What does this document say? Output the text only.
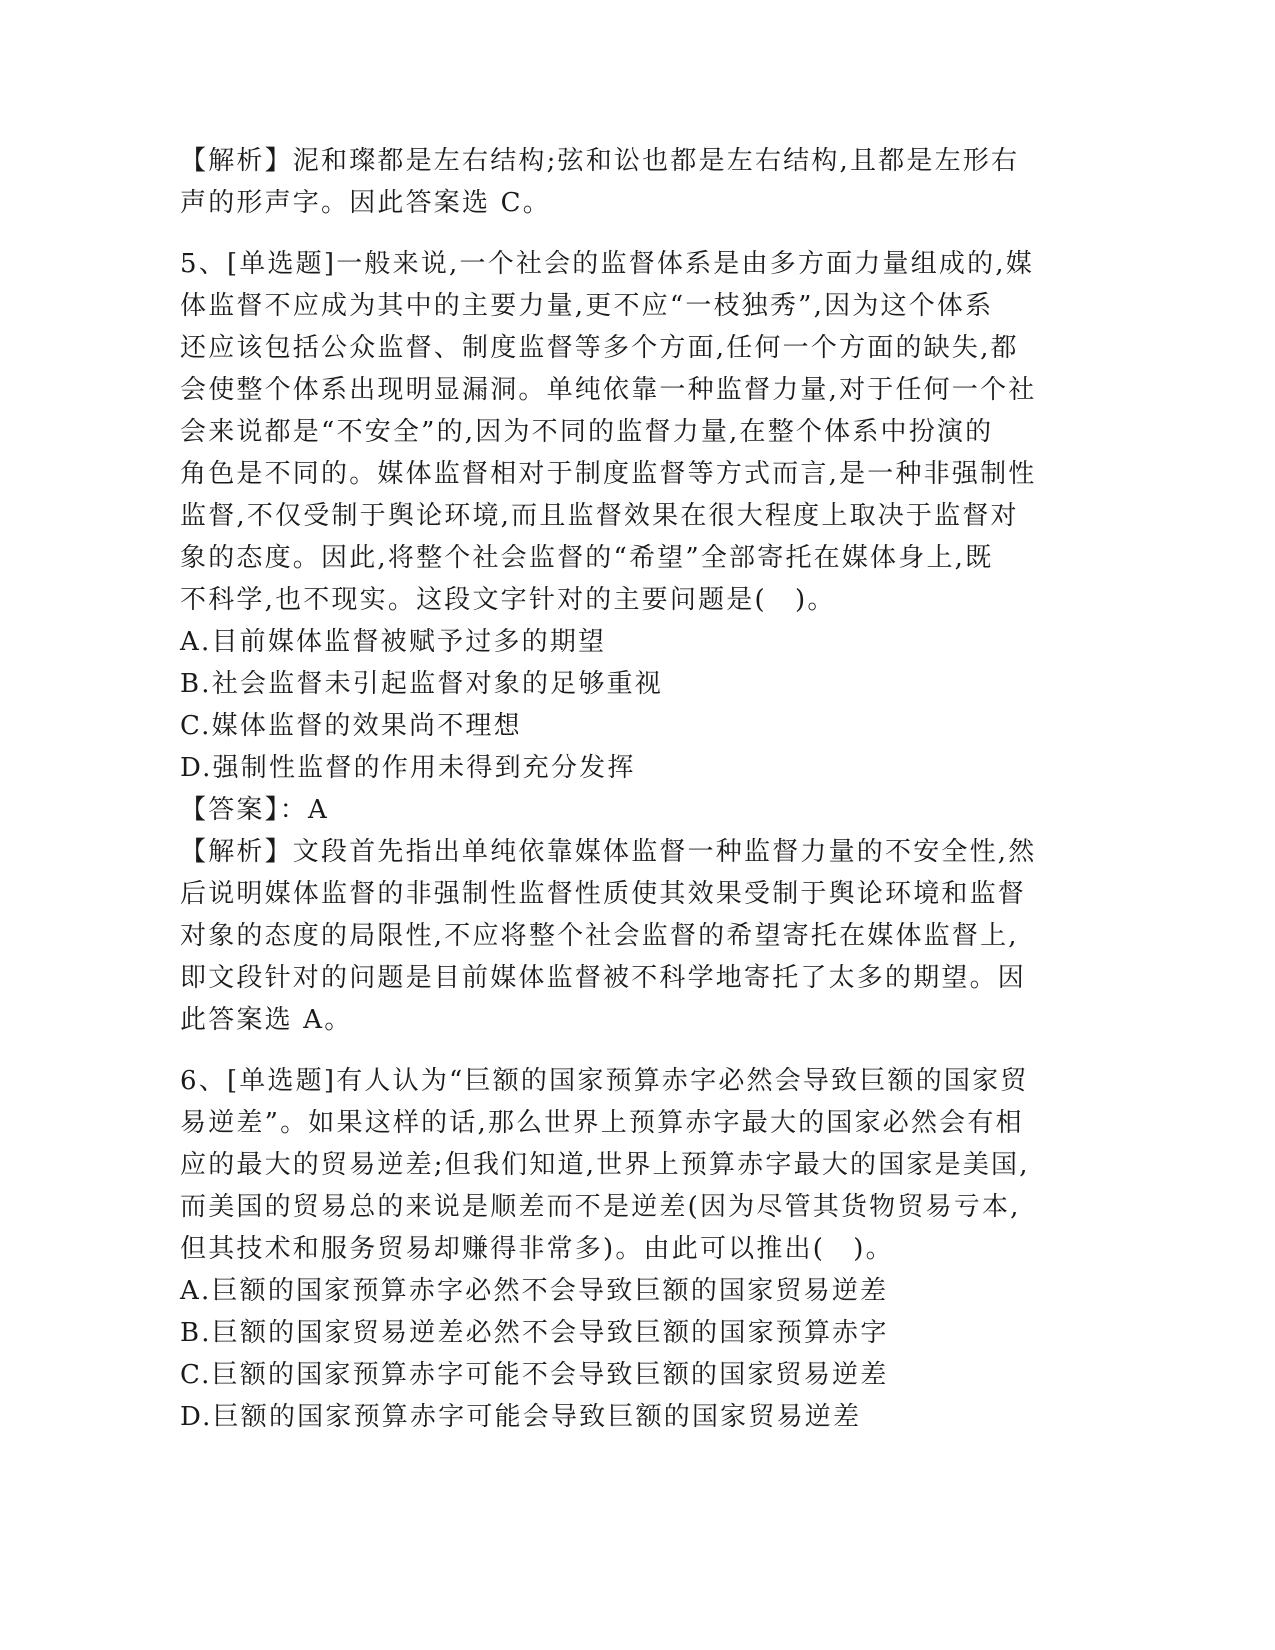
【解析】泥和璨都是左右结构;弦和讼也都是左右结构,且都是左形右
声的形声字。因此答案选 C。
5、[单选题]一般来说,一个社会的监督体系是由多方面力量组成的,媒
体监督不应成为其中的主要力量,更不应“一枝独秀”,因为这个体系
还应该包括公众监督、制度监督等多个方面,任何一个方面的缺失,都
会使整个体系出现明显漏洞。单纯依靠一种监督力量,对于任何一个社
会来说都是“不安全”的,因为不同的监督力量,在整个体系中扮演的
角色是不同的。媒体监督相对于制度监督等方式而言,是一种非强制性
监督,不仅受制于舆论环境,而且监督效果在很大程度上取决于监督对
象的态度。因此,将整个社会监督的“希望”全部寄托在媒体身上,既
不科学,也不现实。这段文字针对的主要问题是(　)。
A.目前媒体监督被赋予过多的期望
B.社会监督未引起监督对象的足够重视
C.媒体监督的效果尚不理想
D.强制性监督的作用未得到充分发挥
【答案】：A
【解析】文段首先指出单纯依靠媒体监督一种监督力量的不安全性,然
后说明媒体监督的非强制性监督性质使其效果受制于舆论环境和监督
对象的态度的局限性,不应将整个社会监督的希望寄托在媒体监督上,
即文段针对的问题是目前媒体监督被不科学地寄托了太多的期望。因
此答案选 A。
6、[单选题]有人认为“巨额的国家预算赤字必然会导致巨额的国家贸
易逆差”。如果这样的话,那么世界上预算赤字最大的国家必然会有相
应的最大的贸易逆差;但我们知道,世界上预算赤字最大的国家是美国,
而美国的贸易总的来说是顺差而不是逆差(因为尽管其货物贸易亏本,
但其技术和服务贸易却赚得非常多)。由此可以推出(　)。
A.巨额的国家预算赤字必然不会导致巨额的国家贸易逆差
B.巨额的国家贸易逆差必然不会导致巨额的国家预算赤字
C.巨额的国家预算赤字可能不会导致巨额的国家贸易逆差
D.巨额的国家预算赤字可能会导致巨额的国家贸易逆差
